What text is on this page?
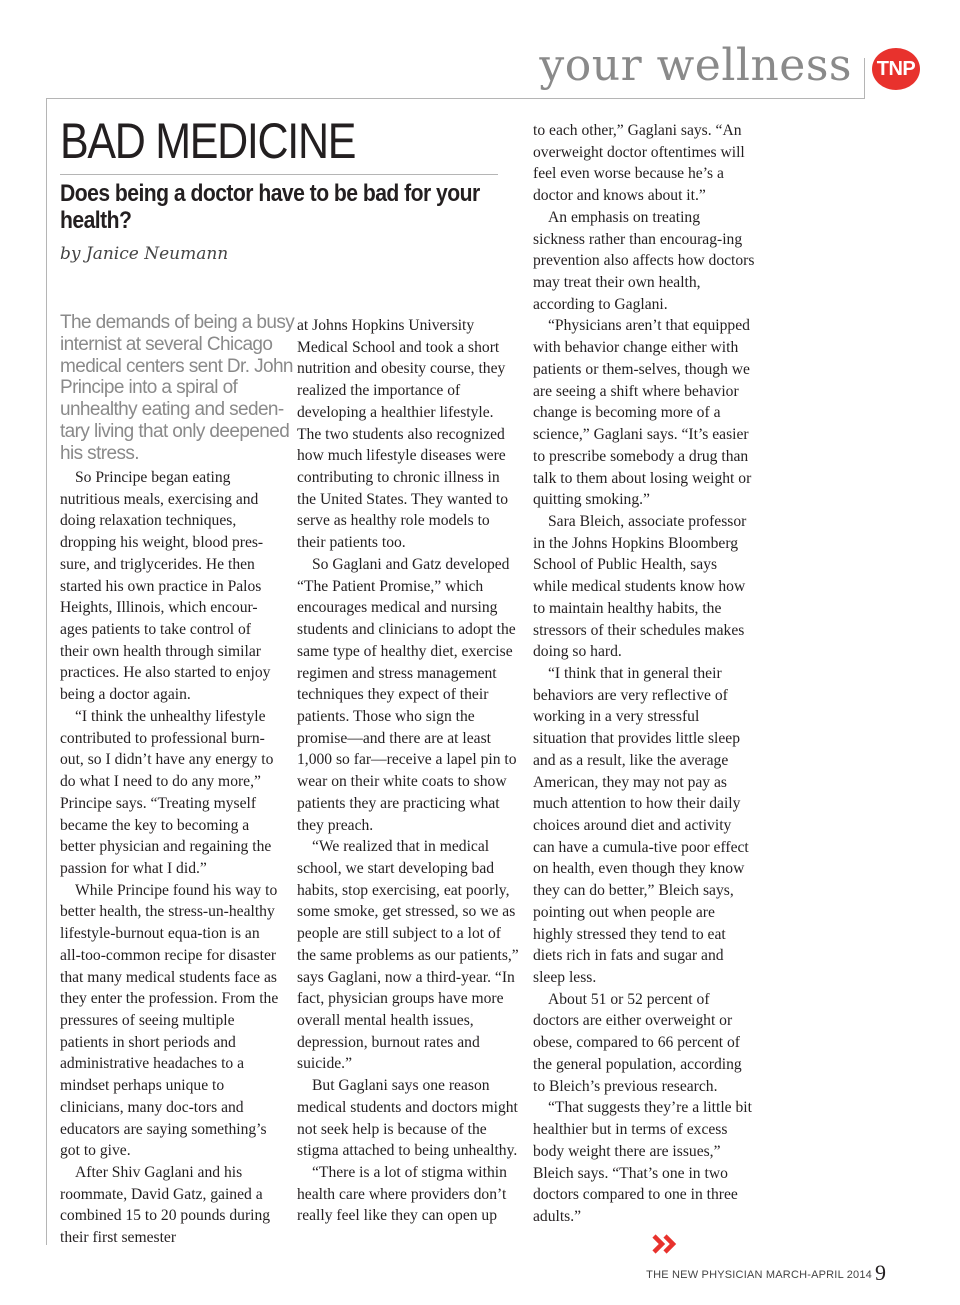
your wellness TNP
BAD MEDICINE
Does being a doctor have to be bad for your health?
by Janice Neumann
The demands of being a busy
internist at several Chicago
medical centers sent Dr. John
Principe into a spiral of
unhealthy eating and seden-
tary living that only deepened
his stress.

So Principe began eating nutritious meals, exercising and doing relaxation techniques, dropping his weight, blood pres-sure, and triglycerides. He then started his own practice in Palos Heights, Illinois, which encour-ages patients to take control of their own health through similar practices. He also started to enjoy being a doctor again.

“I think the unhealthy lifestyle contributed to professional burn-out, so I didn’t have any energy to do what I need to do any more,” Principe says. “Treating myself became the key to becoming a better physician and regaining the passion for what I did.”

While Principe found his way to better health, the stress-un-healthy lifestyle-burnout equa-tion is an all-too-common recipe for disaster that many medical students face as they enter the profession. From the pressures of seeing multiple patients in short periods and administrative headaches to a mindset perhaps unique to clinicians, many doc-tors and educators are saying something’s got to give.

After Shiv Gaglani and his roommate, David Gatz, gained a combined 15 to 20 pounds during their first semester

at Johns Hopkins University Medical School and took a short nutrition and obesity course, they realized the importance of developing a healthier lifestyle. The two students also recognized how much lifestyle diseases were contributing to chronic illness in the United States. They wanted to serve as healthy role models to their patients too.

So Gaglani and Gatz developed “The Patient Promise,” which encourages medical and nursing students and clinicians to adopt the same type of healthy diet, exercise regimen and stress management techniques they expect of their patients. Those who sign the promise—and there are at least 1,000 so far—receive a lapel pin to wear on their white coats to show patients they are practicing what they preach.

“We realized that in medical school, we start developing bad habits, stop exercising, eat poorly, some smoke, get stressed, so we as people are still subject to a lot of the same problems as our patients,” says Gaglani, now a third-year. “In fact, physician groups have more overall mental health issues, depression, burnout rates and suicide.”

But Gaglani says one reason medical students and doctors might not seek help is because of the stigma attached to being unhealthy.

“There is a lot of stigma within health care where providers don’t really feel like they can open up

to each other,” Gaglani says. “An overweight doctor oftentimes will feel even worse because he’s a doctor and knows about it.”

An emphasis on treating sickness rather than encourag-ing prevention also affects how doctors may treat their own health, according to Gaglani.

“Physicians aren’t that equipped with behavior change either with patients or them-selves, though we are seeing a shift where behavior change is becoming more of a science,” Gaglani says. “It’s easier to prescribe somebody a drug than talk to them about losing weight or quitting smoking.”

Sara Bleich, associate professor in the Johns Hopkins Bloomberg School of Public Health, says while medical students know how to maintain healthy habits, the stressors of their schedules makes doing so hard.

“I think that in general their behaviors are very reflective of working in a very stressful situation that provides little sleep and as a result, like the average American, they may not pay as much attention to how their daily choices around diet and activity can have a cumula-tive poor effect on health, even though they know they can do better,” Bleich says, pointing out when people are highly stressed they tend to eat diets rich in fats and sugar and sleep less.

About 51 or 52 percent of doctors are either overweight or obese, compared to 66 percent of the general population, according to Bleich’s previous research.

“That suggests they’re a little bit healthier but in terms of excess body weight there are issues,” Bleich says. “That’s one in two doctors compared to one in three adults.”

THE NEW PHYSICIAN MARCH-APRIL 2014 9
